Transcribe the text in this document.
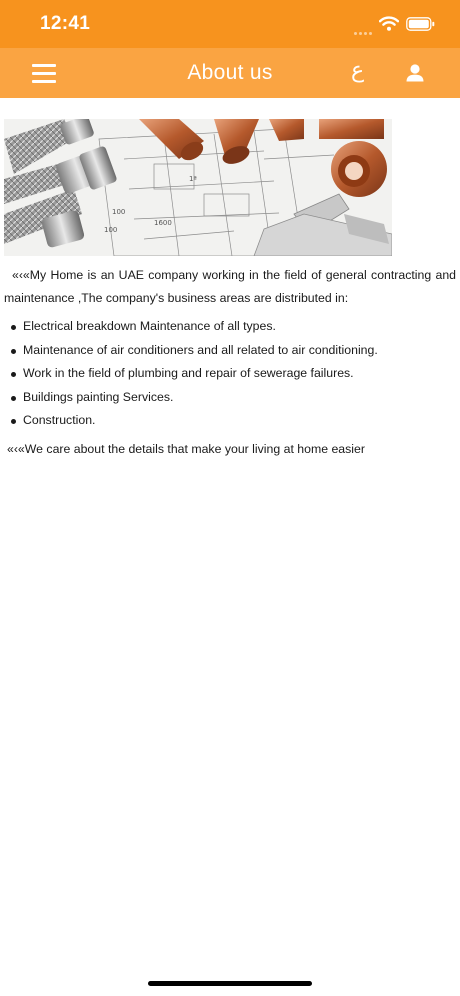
12:41
About us	ع
100
1600
100
1ª

«‹«My Home is an UAE company working in the field of general contracting and maintenance ,The company's business areas are distributed in:

Electrical breakdown Maintenance of all types.
Maintenance of air conditioners and all related to air conditioning.
Work in the field of plumbing and repair of sewerage failures.
Buildings painting Services.
Construction.

«‹«We care about the details that make your living at home easier
